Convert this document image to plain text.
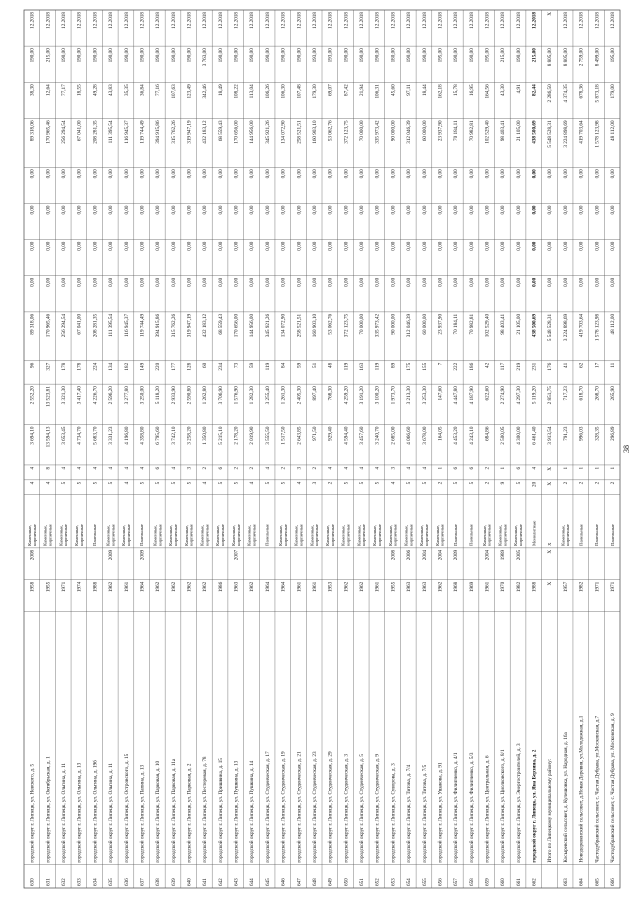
630
городской округ г. Липецк, ул. Невского, д. 5
1958
2008
Каменные, кирпичные
4
4
3 694,10
2 552,20
96
89 318,06
0,00
0,00
0,00
0,00
89 318,06
38,30
190,00
12.2018
631
городской округ г. Липецк, ул. Октябрьская, д. 1
1955
Каменные, кирпичные
4
8
13 594,13
13 523,81
327
170 965,46
0,00
0,00
0,00
0,00
170 965,46
12,64
215,00
12.2018
632
городской округ г. Липецк, ул. Ольгина, д. 11
1971
Каменные, кирпичные
5
4
3 653,45
3 321,30
178
256 294,54
0,00
0,00
0,00
0,00
256 294,54
77,17
190,00
12.2018
633
городской округ г. Липецк, ул. Ольгина, д. 13
1974
Каменные, кирпичные
5
4
4 734,70
3 417,40
178
67 041,00
0,00
0,00
0,00
0,00
67 041,00
18,55
190,00
12.2018
634
городской округ г. Липецк, ул. Ольгина, д. 19б
1988
Панельные
5
4
5 683,70
4 226,70
224
208 281,35
0,00
0,00
0,00
0,00
208 281,35
49,28
190,00
12.2018
635
городской округ г. Липецк, ул. Ольгина, д. 11
1962
2009
Каменные, кирпичные
5
4
3 331,23
2 596,20
134
111 395,54
0,00
0,00
0,00
0,00
111 395,54
43,83
190,00
12.2018
636
городской округ г. Липецк, ул. Островского, д. 15
1961
Каменные, кирпичные
4
4
4 196,80
3 277,80
182
116 945,37
0,00
0,00
0,00
0,00
116 945,37
35,35
190,00
12.2018
637
городской округ г. Липецк, ул. Папина, д. 13
1964
2009
Панельные
5
4
4 358,80
3 250,00
149
119 744,49
0,00
0,00
0,00
0,00
119 744,49
36,84
190,00
12.2018
638
городской округ г. Липецк, ул. Парковая, д. 10
1962
Каменные, кирпичные
5
6
6 795,60
5 118,20
220
394 915,86
0,00
0,00
0,00
0,00
394 915,86
77,16
190,00
12.2018
639
городской округ г. Липецк, ул. Парковая, д. 11а
1962
Каменные, кирпичные
5
4
3 742,10
2 933,90
177
315 762,26
0,00
0,00
0,00
0,00
315 762,26
107,63
190,00
12.2018
640
городской округ г. Липецк, ул. Парковая, д. 2
1962
Каменные, кирпичные
5
3
3 258,20
2 590,80
128
319 947,19
0,00
0,00
0,00
0,00
319 947,19
123,49
190,00
12.2018
641
городской округ г. Липецк, ул. Пестеревая, д. 78
1962
Каменные, кирпичные
4
2
1 350,80
1 262,80
60
432 183,12
0,00
0,00
0,00
0,00
432 183,12
342,46
3 763,00
12.2018
642
городской округ г. Липецк, ул. Пришвина, д. 15
1986
Каменные, кирпичные
5
6
5 215,10
3 706,90
234
68 559,43
0,00
0,00
0,00
0,00
68 559,43
18,49
190,00
12.2018
643
городской округ г. Липецк, ул. Пушкина, д. 13
1963
2007
Каменные, кирпичные
5
2
2 178,20
1 576,90
73
170 656,00
0,00
0,00
0,00
0,00
170 656,00
108,22
190,00
12.2018
644
городской округ г. Липецк, ул. Пушкина, д. 14
1962
Каменные, кирпичные
4
2
2 019,90
1 282,30
59
144 956,00
0,00
0,00
0,00
0,00
144 956,00
113,04
190,00
12.2018
645
городской округ г. Липецк, ул. Студенческая, д. 17
1964
Панельные
5
4
3 555,50
3 255,40
119
345 921,26
0,00
0,00
0,00
0,00
345 921,26
106,26
190,00
12.2018
646
городской округ г. Липецк, ул. Студенческая, д. 19
1964
Каменные, кирпичные
5
2
1 517,50
1 261,30
84
134 072,90
0,00
0,00
0,00
0,00
134 072,90
106,30
190,00
12.2018
647
городской округ г. Липецк, ул. Студенческая, д. 21
1961
Каменные, кирпичные
4
3
2 643,85
2 405,30
59
258 521,51
0,00
0,00
0,00
0,00
258 521,51
107,48
190,00
12.2018
648
городской округ г. Липецк, ул. Студенческая, д. 23
1961
Каменные, кирпичные
3
2
971,50
897,40
51
160 903,10
0,00
0,00
0,00
0,00
160 903,10
179,30
193,00
12.2018
649
городской округ г. Липецк, ул. Студенческая, д. 29
1953
Каменные, кирпичные
2
4
929,40
768,30
48
53 062,76
0,00
0,00
0,00
0,00
53 062,76
69,07
193,00
12.2018
650
городской округ г. Липецк, ул. Студенческая, д. 3
1962
Каменные, кирпичные
5
4
4 594,40
4 259,20
119
372 123,75
0,00
0,00
0,00
0,00
372 123,75
87,42
190,00
12.2018
651
городской округ г. Липецк, ул. Студенческая, д. 5
1962
Каменные, кирпичные
5
4
3 457,60
3 191,20
163
70 000,00
0,00
0,00
0,00
0,00
70 000,00
21,94
190,00
12.2018
652
городской округ г. Липецк, ул. Студенческая, д. 9
1961
Каменные, кирпичные
5
4
3 240,70
3 100,20
119
335 973,42
0,00
0,00
0,00
0,00
335 973,42
106,31
190,00
12.2018
653
городской округ г. Липецк, ул. Суворова, д. 3
1955
2008
Каменные, кирпичные
4
3
2 685,00
1 973,70
89
90 000,00
0,00
0,00
0,00
0,00
90 000,00
45,60
180,00
12.2018
654
городской округ г. Липецк, ул. Титова, д. 7/4
1963
2006
Каменные, кирпичные
5
4
4 066,60
3 213,30
175
312 046,39
0,00
0,00
0,00
0,00
312 046,39
97,11
190,00
12.2018
655
городской округ г. Липецк, ул. Титова, д. 7/5
1963
2004
Каменные, кирпичные
5
4
3 678,00
3 253,30
155
60 000,00
0,00
0,00
0,00
0,00
60 000,00
18,44
190,00
12.2018
656
городской округ г. Липецк, ул. Ушакова, д. 91
1962
2004
Каменные, кирпичные
2
1
164,05
147,60
7
23 937,90
0,00
0,00
0,00
0,00
23 937,90
162,18
195,00
12.2018
657
городской округ г. Липецк, ул. Филипченко, д. 4/1
1968
2009
Панельные
5
6
4 453,20
4 447,80
222
70 184,11
0,00
0,00
0,00
0,00
70 184,11
15,78
190,00
12.2018
658
городской округ г. Липецк, ул. Филипченко, д. 5/3
1969
Панельные
5
6
4 243,10
4 187,90
186
70 982,81
0,00
0,00
0,00
0,00
70 982,81
16,95
190,00
12.2018
659
городской округ г. Липецк, ул. Центральная, д. 6
1961
2004
Каменные, кирпичные
2
2
684,86
622,60
42
102 529,40
0,00
0,00
0,00
0,00
102 529,40
164,56
195,00
12.2018
660
городской округ г. Липецк, ул. Циолковского, д. 8/1
1970
1989
Каменные, кирпичные
9
1
2 500,05
2 274,90
117
98 403,41
0,00
0,00
0,00
0,00
98 403,41
43,30
215,00
12.2018
661
городской округ г. Липецк, ул. Энергостроителей, д. 3
1982
2005
Каменные, кирпичные
5
6
4 300,00
4 297,30
219
21 105,00
0,00
0,00
0,00
0,00
21 105,00
4,91
190,00
12.2018
662
городской округ г. Липецк, ул. Яна Берзина, д. 2
1988
Монолитные
20
4
6 461,40
5 119,20
231
438 500,69
0,00
0,00
0,00
0,00
438 500,69
82,44
215,00
12.2018
Итого по Липецкому муниципальному району:
X
X
X
X
X
3 913,54
2 851,75
176
5 548 528,31
0,00
0,00
0,00
0,00
5 548 528,31
2 286,50
8 805,00
X
663
Косыревский сельсовет, д. Кулешовка, ул. Народная, д. 16а
1957
Каменные, кирпичные
2
1
791,23
717,23
41
3 224 898,69
0,00
0,00
0,00
0,00
3 224 898,69
4 374,35
8 805,00
12.2018
664
Новодеревенский сельсовет, д.Новая Деревня, ул.Молодежная, д.1
1982
Панельные
2
1
996,03
618,70
62
419 703,64
0,00
0,00
0,00
0,00
419 703,64
678,36
2 759,00
12.2018
665
Частодубравский сельсовет, с. Частая Дубрава, ул.Московская, д.7
1971
Панельные
2
1
328,35
268,70
17
1 578 123,98
0,00
0,00
0,00
0,00
1 578 123,98
5 873,18
8 499,00
12.2018
666
Частодубравский сельсовет, с. Частая Дубрава, ул. Московская, д. 9
1971
Панельные
2
1
296,89
265,90
11
48 112,00
0,00
0,00
0,00
0,00
48 112,00
179,00
195,00
12.2018
38
